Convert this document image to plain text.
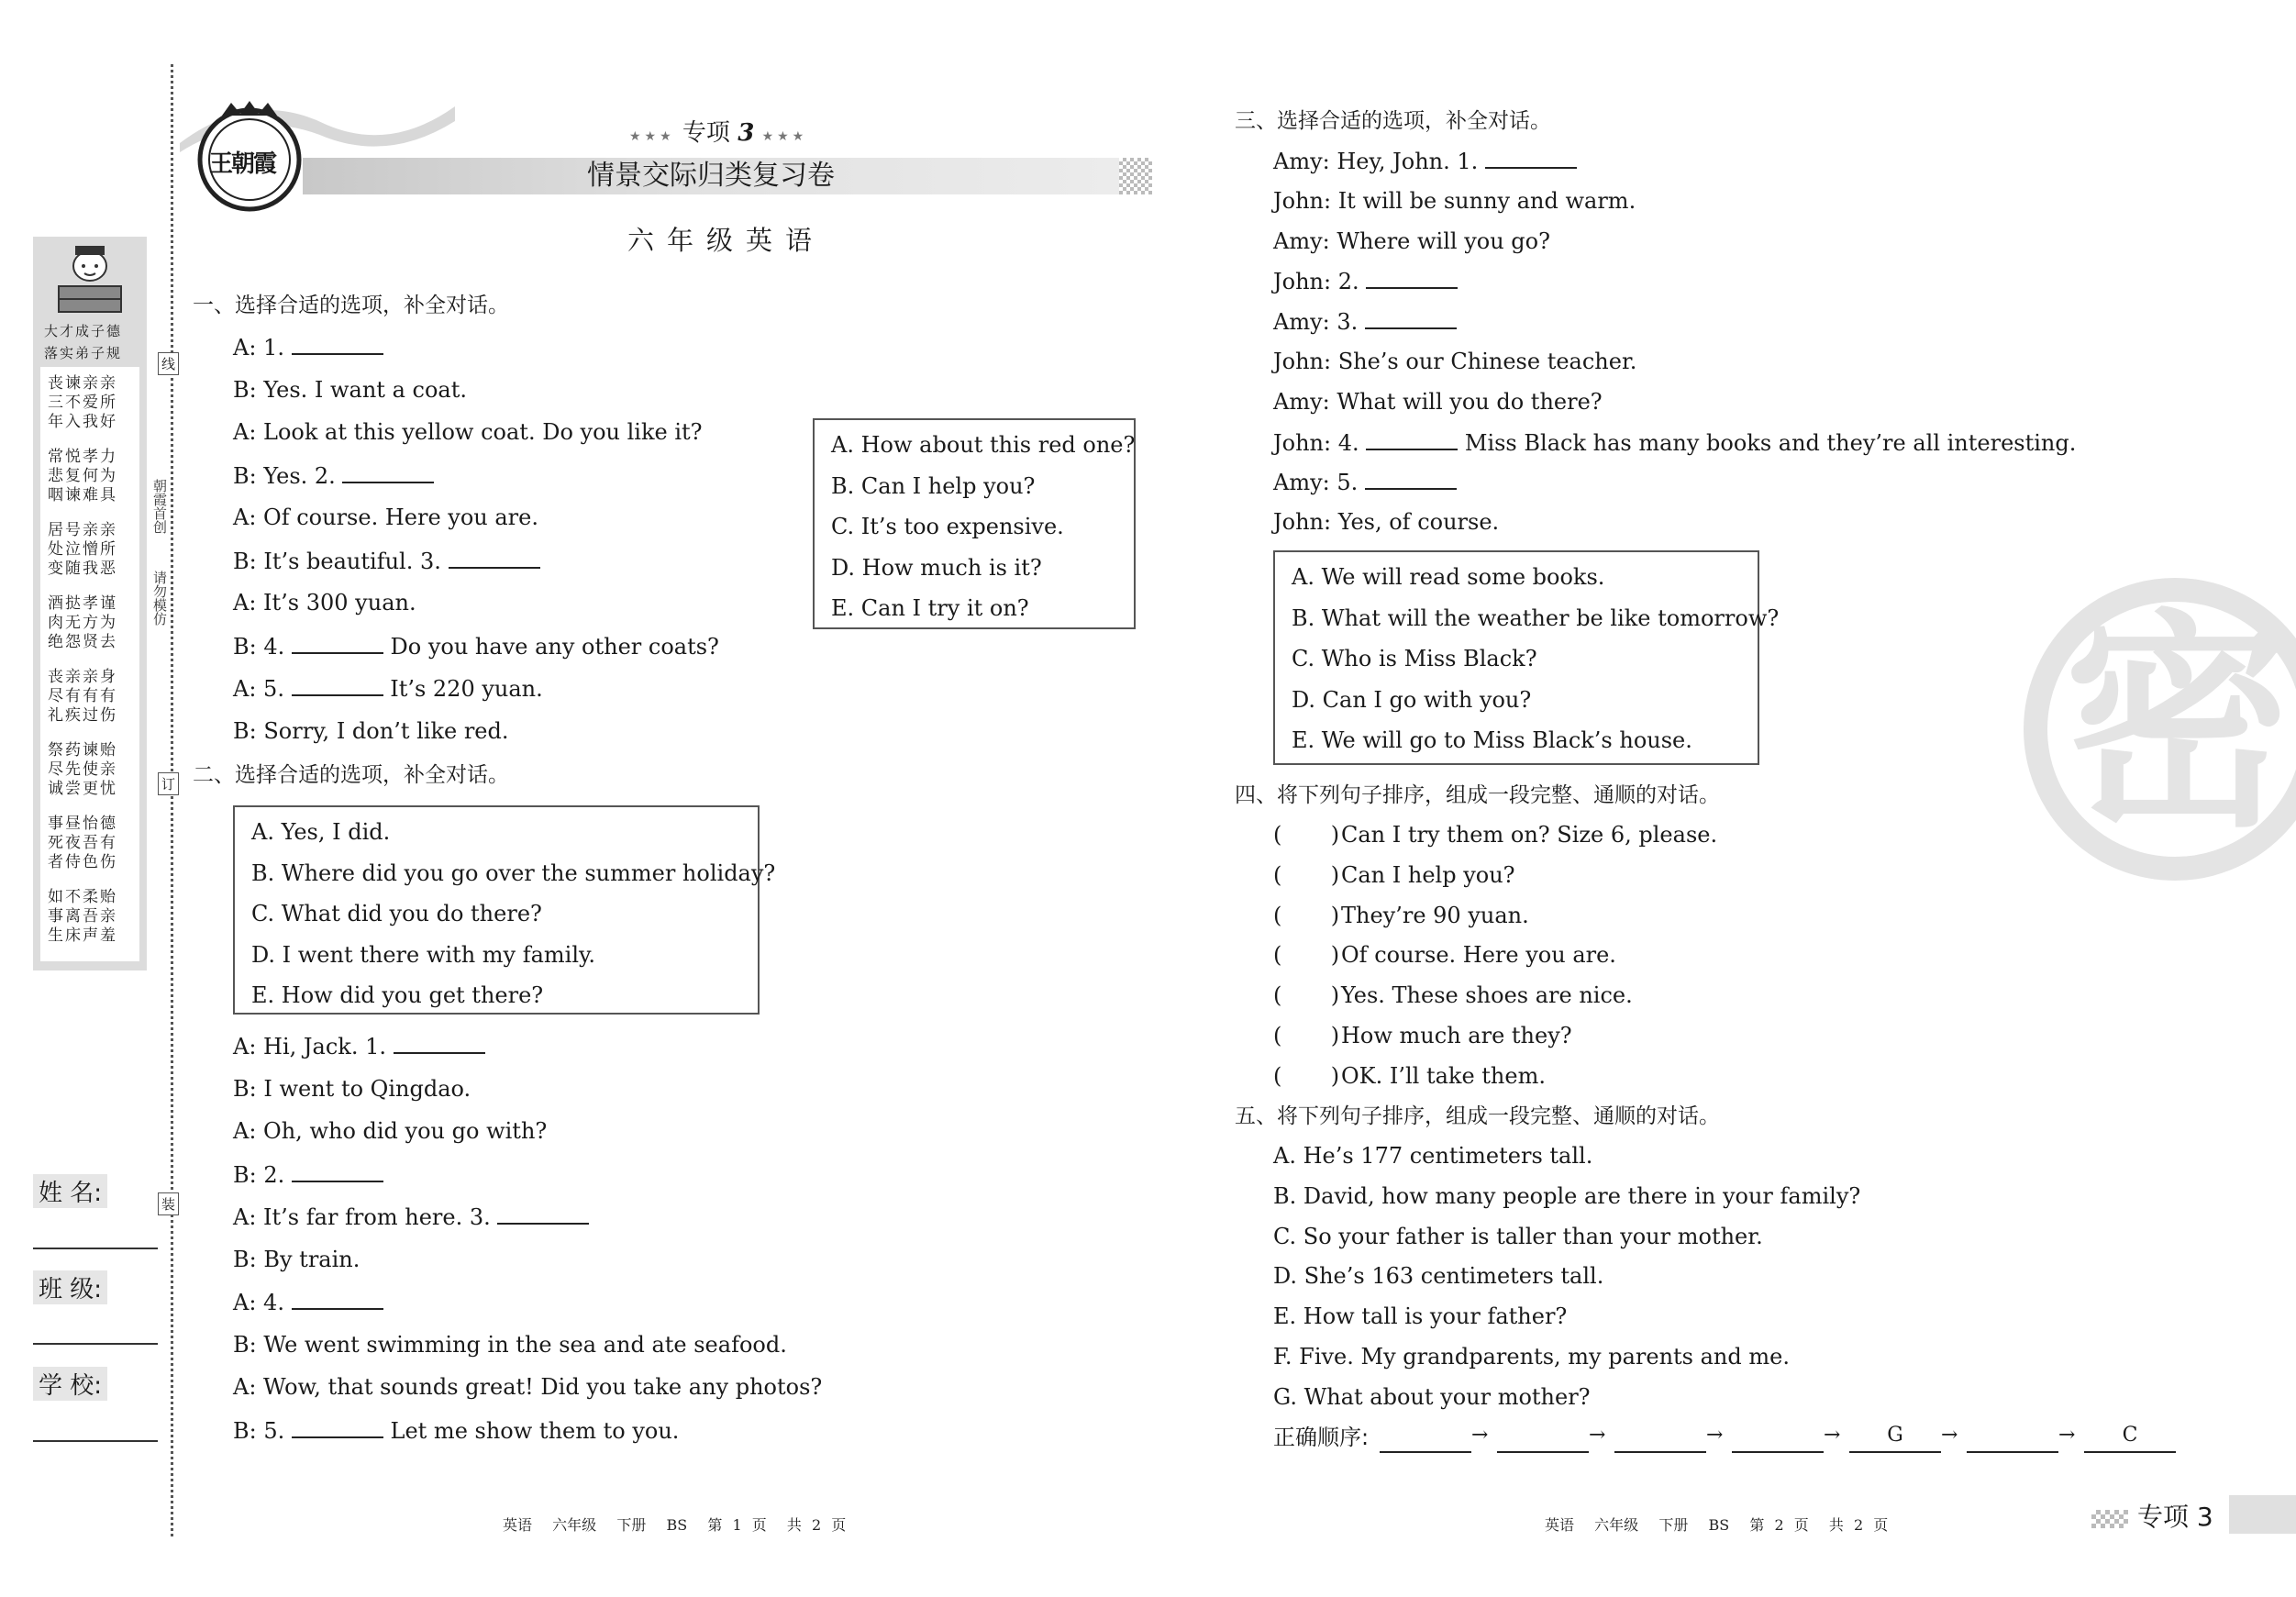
大才成子德
落实弟子规
丧谏亲亲
三不爱所
年入我好
常悦孝力
悲复何为
咽谏难具
居号亲亲
处泣憎所
变随我恶
酒挞孝谨
肉无方为
绝怨贤去
丧亲亲身
尽有有有
礼疾过伤
祭药谏贻
尽先使亲
诚尝更忧
事昼怡德
死夜吾有
者侍色伤
如不柔贻
事离吾亲
生床声羞
姓 名:
班 级:
学 校:
线
订
装
朝霞首创
请勿模仿
王朝霞
★★★ 专项 3 ★★★
情景交际归类复习卷
六年级英语
一、选择合适的选项，补全对话。
A: 1.
B: Yes. I want a coat.
A: Look at this yellow coat. Do you like it?
B: Yes. 2.
A: Of course. Here you are.
B: It’s beautiful. 3.
A: It’s 300 yuan.
B: 4.	Do you have any other coats?
A: 5.	It’s 220 yuan.
B: Sorry, I don’t like red.
A. How about this red one?
B. Can I help you?
C. It’s too expensive.
D. How much is it?
E. Can I try it on?
二、选择合适的选项，补全对话。
A. Yes, I did.
B. Where did you go over the summer holiday?
C. What did you do there?
D. I went there with my family.
E. How did you get there?
A: Hi, Jack. 1.
B: I went to Qingdao.
A: Oh, who did you go with?
B: 2.
A: It’s far from here. 3.
B: By train.
A: 4.
B: We went swimming in the sea and ate seafood.
A: Wow, that sounds great! Did you take any photos?
B: 5.	Let me show them to you.
三、选择合适的选项，补全对话。
Amy: Hey, John. 1.
John: It will be sunny and warm.
Amy: Where will you go?
John: 2.
Amy: 3.
John: She’s our Chinese teacher.
Amy: What will you do there?
John: 4.	Miss Black has many books and they’re all interesting.
Amy: 5.
John: Yes, of course.
A. We will read some books.
B. What will the weather be like tomorrow?
C. Who is Miss Black?
D. Can I go with you?
E. We will go to Miss Black’s house.
四、将下列句子排序，组成一段完整、通顺的对话。
(       ) Can I try them on? Size 6, please.
(       ) Can I help you?
(       ) They’re 90 yuan.
(       ) Of course. Here you are.
(       ) Yes. These shoes are nice.
(       ) How much are they?
(       ) OK. I’ll take them.
五、将下列句子排序，组成一段完整、通顺的对话。
A. He’s 177 centimeters tall.
B. David, how many people are there in your family?
C. So your father is taller than your mother.
D. She’s 163 centimeters tall.
E. How tall is your father?
F. Five. My grandparents, my parents and me.
G. What about your mother?
正确顺序:	→	→	→	→	G	→	→	C
密
英语  六年级  下册  BS  第 1 页  共 2 页	英语  六年级  下册  BS  第 2 页  共 2 页	专项 3
